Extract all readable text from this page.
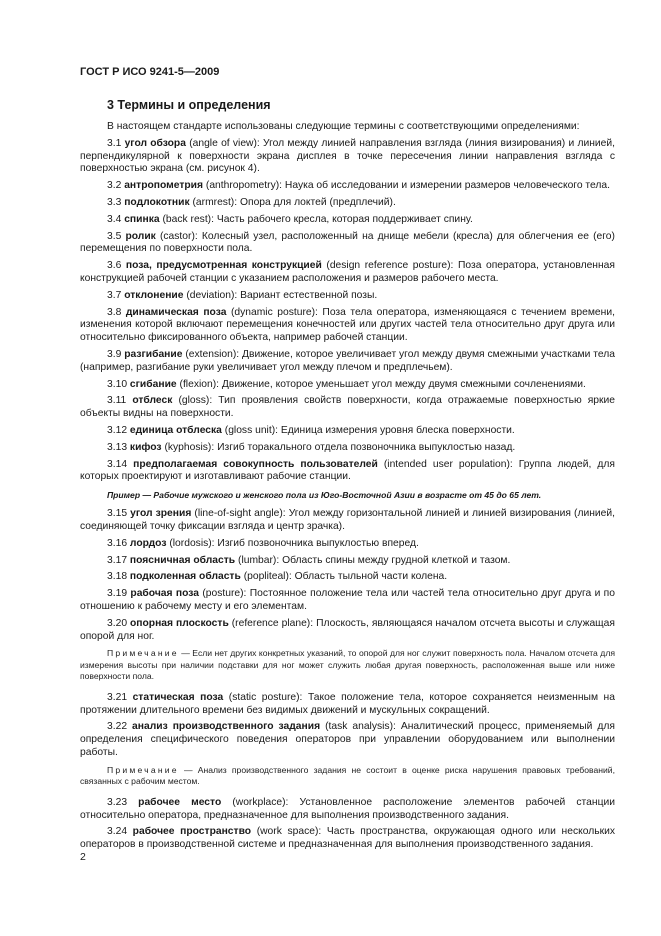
ГОСТ Р ИСО 9241-5—2009
3 Термины и определения

В настоящем стандарте использованы следующие термины с соответствующими определениями:

3.1 угол обзора (angle of view): Угол между линией направления взгляда (линия визирования) и линией, перпендикулярной к поверхности экрана дисплея в точке пересечения линии направления взгляда с поверхностью экрана (см. рисунок 4).

3.2 антропометрия (anthropometry): Наука об исследовании и измерении размеров человеческого тела.

3.3 подлокотник (armrest): Опора для локтей (предплечий).

3.4 спинка (back rest): Часть рабочего кресла, которая поддерживает спину.

3.5 ролик (castor): Колесный узел, расположенный на днище мебели (кресла) для облегчения ее (его) перемещения по поверхности пола.

3.6 поза, предусмотренная конструкцией (design reference posture): Поза оператора, установленная конструкцией рабочей станции с указанием расположения и размеров рабочего места.

3.7 отклонение (deviation): Вариант естественной позы.

3.8 динамическая поза (dynamic posture): Поза тела оператора, изменяющаяся с течением времени, изменения которой включают перемещения конечностей или других частей тела относительно друг друга или относительно фиксированного объекта, например рабочей станции.

3.9 разгибание (extension): Движение, которое увеличивает угол между двумя смежными участками тела (например, разгибание руки увеличивает угол между плечом и предплечьем).

3.10 сгибание (flexion): Движение, которое уменьшает угол между двумя смежными сочленениями.

3.11 отблеск (gloss): Тип проявления свойств поверхности, когда отражаемые поверхностью яркие объекты видны на поверхности.

3.12 единица отблеска (gloss unit): Единица измерения уровня блеска поверхности.

3.13 кифоз (kyphosis): Изгиб торакального отдела позвоночника выпуклостью назад.

3.14 предполагаемая совокупность пользователей (intended user population): Группа людей, для которых проектируют и изготавливают рабочие станции.

Пример — Рабочие мужского и женского пола из Юго-Восточной Азии в возрасте от 45 до 65 лет.

3.15 угол зрения (line-of-sight angle): Угол между горизонтальной линией и линией визирования (линией, соединяющей точку фиксации взгляда и центр зрачка).

3.16 лордоз (lordosis): Изгиб позвоночника выпуклостью вперед.

3.17 поясничная область (lumbar): Область спины между грудной клеткой и тазом.

3.18 подколенная область (popliteal): Область тыльной части колена.

3.19 рабочая поза (posture): Постоянное положение тела или частей тела относительно друг друга и по отношению к рабочему месту и его элементам.

3.20 опорная плоскость (reference plane): Плоскость, являющаяся началом отсчета высоты и служащая опорой для ног.

Примечание — Если нет других конкретных указаний, то опорой для ног служит поверхность пола. Началом отсчета для измерения высоты при наличии подставки для ног может служить любая другая поверхность, расположенная выше или ниже поверхности пола.

3.21 статическая поза (static posture): Такое положение тела, которое сохраняется неизменным на протяжении длительного времени без видимых движений и мускульных сокращений.

3.22 анализ производственного задания (task analysis): Аналитический процесс, применяемый для определения специфического поведения операторов при управлении оборудованием или выполнении работы.

Примечание — Анализ производственного задания не состоит в оценке риска нарушения правовых требований, связанных с рабочим местом.

3.23 рабочее место (workplace): Установленное расположение элементов рабочей станции относительно оператора, предназначенное для выполнения производственного задания.

3.24 рабочее пространство (work space): Часть пространства, окружающая одного или нескольких операторов в производственной системе и предназначенная для выполнения производственного задания.

2
